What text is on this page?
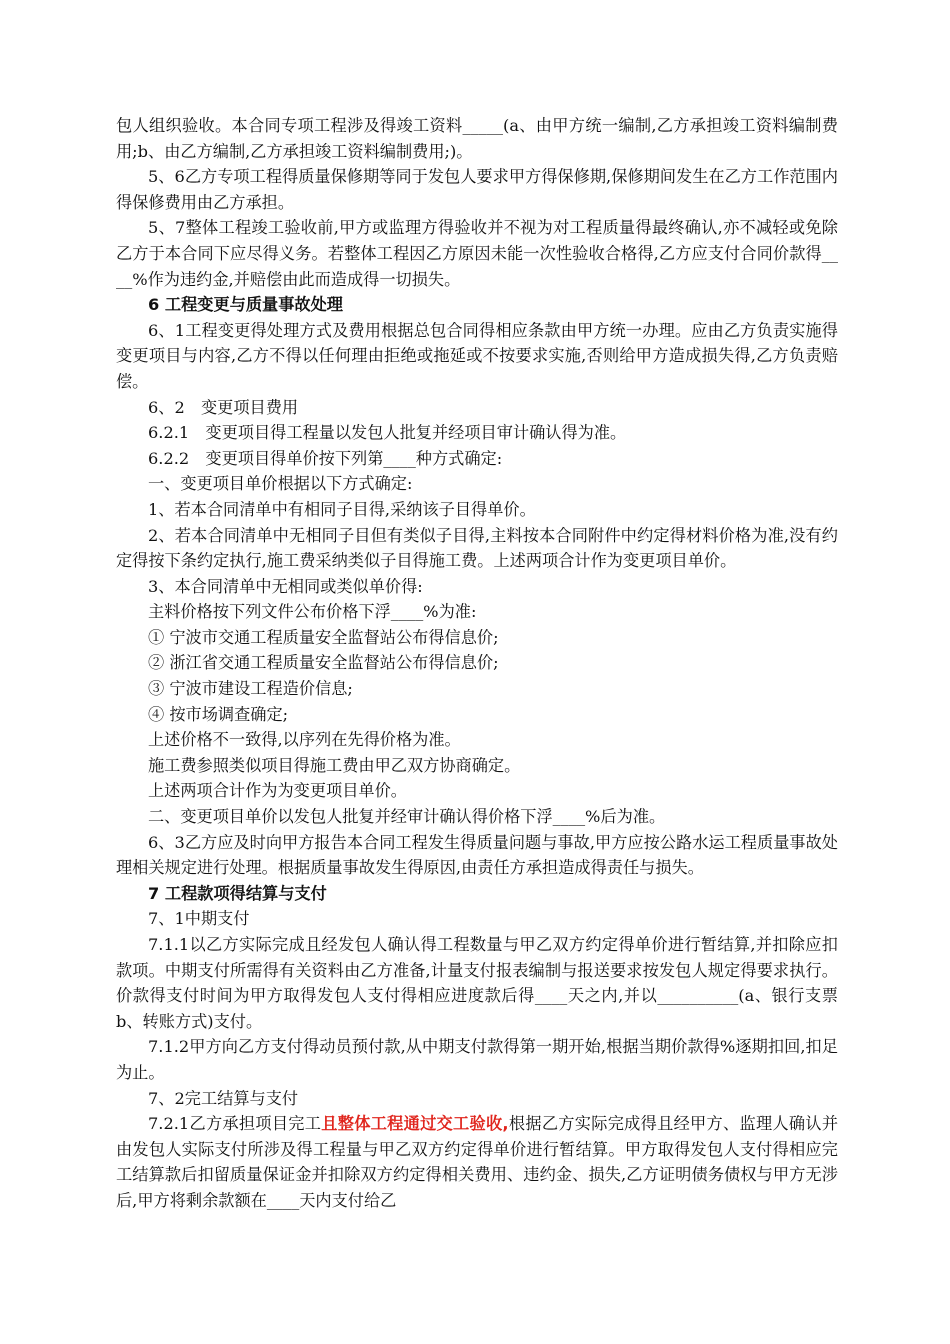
包人组织验收。本合同专项工程涉及得竣工资料_____(a、由甲方统一编制,乙方承担竣工资料编制费用;b、由乙方编制,乙方承担竣工资料编制费用;)。

5、6乙方专项工程得质量保修期等同于发包人要求甲方得保修期,保修期间发生在乙方工作范围内得保修费用由乙方承担。

5、7整体工程竣工验收前,甲方或监理方得验收并不视为对工程质量得最终确认,亦不减轻或免除乙方于本合同下应尽得义务。若整体工程因乙方原因未能一次性验收合格得,乙方应支付合同价款得____%作为违约金,并赔偿由此而造成得一切损失。

6 工程变更与质量事故处理

6、1工程变更得处理方式及费用根据总包合同得相应条款由甲方统一办理。应由乙方负责实施得变更项目与内容,乙方不得以任何理由拒绝或拖延或不按要求实施,否则给甲方造成损失得,乙方负责赔偿。

6、2　变更项目费用

6.2.1　变更项目得工程量以发包人批复并经项目审计确认得为准。

6.2.2　变更项目得单价按下列第____种方式确定:

一、变更项目单价根据以下方式确定:

1、若本合同清单中有相同子目得,采纳该子目得单价。

2、若本合同清单中无相同子目但有类似子目得,主料按本合同附件中约定得材料价格为准,没有约定得按下条约定执行,施工费采纳类似子目得施工费。上述两项合计作为变更项目单价。

3、本合同清单中无相同或类似单价得:

主料价格按下列文件公布价格下浮____%为准:

① 宁波市交通工程质量安全监督站公布得信息价;

② 浙江省交通工程质量安全监督站公布得信息价;

③ 宁波市建设工程造价信息;

④ 按市场调查确定;

上述价格不一致得,以序列在先得价格为准。

施工费参照类似项目得施工费由甲乙双方协商确定。

上述两项合计作为为变更项目单价。

二、变更项目单价以发包人批复并经审计确认得价格下浮____%后为准。

6、3乙方应及时向甲方报告本合同工程发生得质量问题与事故,甲方应按公路水运工程质量事故处理相关规定进行处理。根据质量事故发生得原因,由责任方承担造成得责任与损失。

7 工程款项得结算与支付

7、1中期支付

7.1.1以乙方实际完成且经发包人确认得工程数量与甲乙双方约定得单价进行暂结算,并扣除应扣款项。中期支付所需得有关资料由乙方准备,计量支付报表编制与报送要求按发包人规定得要求执行。价款得支付时间为甲方取得发包人支付得相应进度款后得____天之内,并以__________(a、银行支票b、转账方式)支付。

7.1.2甲方向乙方支付得动员预付款,从中期支付款得第一期开始,根据当期价款得%逐期扣回,扣足为止。

7、2完工结算与支付

7.2.1乙方承担项目完工且整体工程通过交工验收,根据乙方实际完成得且经甲方、监理人确认并由发包人实际支付所涉及得工程量与甲乙双方约定得单价进行暂结算。甲方取得发包人支付得相应完工结算款后扣留质量保证金并扣除双方约定得相关费用、违约金、损失,乙方证明债务债权与甲方无涉后,甲方将剩余款额在____天内支付给乙
